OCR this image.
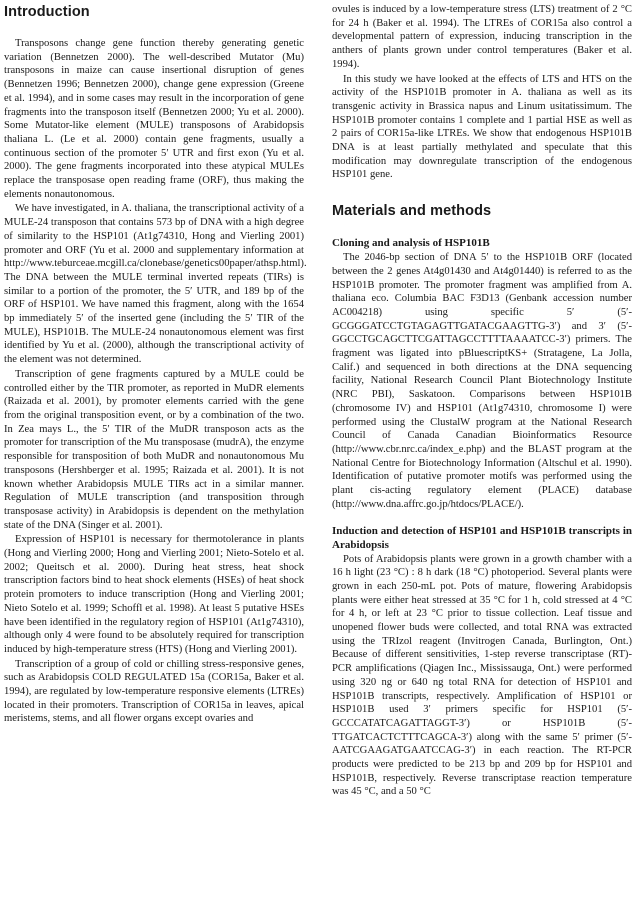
Introduction

Transposons change gene function thereby generating genetic variation (Bennetzen 2000). The well-described Mutator (Mu) transposons in maize can cause insertional disruption of genes (Bennetzen 1996; Bennetzen 2000), change gene expression (Greene et al. 1994), and in some cases may result in the incorporation of gene fragments into the transposon itself (Bennetzen 2000; Yu et al. 2000). Some Mutator-like element (MULE) transposons of Arabidopsis thaliana L. (Le et al. 2000) contain gene fragments, usually a continuous section of the promoter 5′ UTR and first exon (Yu et al. 2000). The gene fragments incorporated into these atypical MULEs replace the transposase open reading frame (ORF), thus making the elements nonautonomous.

We have investigated, in A. thaliana, the transcriptional activity of a MULE-24 transposon that contains 573 bp of DNA with a high degree of similarity to the HSP101 (At1g74310, Hong and Vierling 2001) promoter and ORF (Yu et al. 2000 and supplementary information at http://www.teburceae.mcgill.ca/clonebase/genetics00paper/athsp.html). The DNA between the MULE terminal inverted repeats (TIRs) is similar to a portion of the promoter, the 5′ UTR, and 189 bp of the ORF of HSP101. We have named this fragment, along with the 1654 bp immediately 5′ of the inserted gene (including the 5′ TIR of the MULE), HSP101B. The MULE-24 nonautonomous element was first identified by Yu et al. (2000), although the transcriptional activity of the element was not determined.

Transcription of gene fragments captured by a MULE could be controlled either by the TIR promoter, as reported in MuDR elements (Raizada et al. 2001), by promoter elements carried with the gene from the original transposition event, or by a combination of the two. In Zea mays L., the 5′ TIR of the MuDR transposon acts as the promoter for transcription of the Mu transposase (mudrA), the enzyme responsible for transposition of both MuDR and nonautonomous Mu transposons (Hershberger et al. 1995; Raizada et al. 2001). It is not known whether Arabidopsis MULE TIRs act in a similar manner. Regulation of MULE transcription (and transposition through transposase activity) in Arabidopsis is dependent on the methylation state of the DNA (Singer et al. 2001).

Expression of HSP101 is necessary for thermotolerance in plants (Hong and Vierling 2000; Hong and Vierling 2001; Nieto-Sotelo et al. 2002; Queitsch et al. 2000). During heat stress, heat shock transcription factors bind to heat shock elements (HSEs) of heat shock protein promoters to induce transcription (Hong and Vierling 2001; Nieto Sotelo et al. 1999; Schoffl et al. 1998). At least 5 putative HSEs have been identified in the regulatory region of HSP101 (At1g74310), although only 4 were found to be absolutely required for transcription induced by high-temperature stress (HTS) (Hong and Vierling 2001).

Transcription of a group of cold or chilling stress-responsive genes, such as Arabidopsis COLD REGULATED 15a (COR15a, Baker et al. 1994), are regulated by low-temperature responsive elements (LTREs) located in their promoters. Transcription of COR15a in leaves, apical meristems, stems, and all flower organs except ovaries and

ovules is induced by a low-temperature stress (LTS) treatment of 2 °C for 24 h (Baker et al. 1994). The LTREs of COR15a also control a developmental pattern of expression, inducing transcription in the anthers of plants grown under control temperatures (Baker et al. 1994).

In this study we have looked at the effects of LTS and HTS on the activity of the HSP101B promoter in A. thaliana as well as its transgenic activity in Brassica napus and Linum usitatissimum. The HSP101B promoter contains 1 complete and 1 partial HSE as well as 2 pairs of COR15a-like LTREs. We show that endogenous HSP101B DNA is at least partially methylated and speculate that this modification may downregulate transcription of the endogenous HSP101 gene.

Materials and methods
Cloning and analysis of HSP101B

The 2046-bp section of DNA 5′ to the HSP101B ORF (located between the 2 genes At4g01430 and At4g01440) is referred to as the HSP101B promoter. The promoter fragment was amplified from A. thaliana eco. Columbia BAC F3D13 (Genbank accession number AC004218) using specific 5′ (5′-GCGGGATCCTGTAGAGTTGATACGAAGTTG-3′) and 3′ (5′-GGCCTGCAGCTTCGATTAGCCTTTTAAAATCC-3′) primers. The fragment was ligated into pBluescriptKS+ (Stratagene, La Jolla, Calif.) and sequenced in both directions at the DNA sequencing facility, National Research Council Plant Biotechnology Institute (NRC PBI), Saskatoon. Comparisons between HSP101B (chromosome IV) and HSP101 (At1g74310, chromosome I) were performed using the ClustalW program at the National Research Council of Canada Canadian Bioinformatics Resource (http://www.cbr.nrc.ca/index_e.php) and the BLAST program at the National Centre for Biotechnology Information (Altschul et al. 1990). Identification of putative promoter motifs was performed using the plant cis-acting regulatory element (PLACE) database (http://www.dna.affrc.go.jp/htdocs/PLACE/).

Induction and detection of HSP101 and HSP101B transcripts in Arabidopsis

Pots of Arabidopsis plants were grown in a growth chamber with a 16 h light (23 °C) : 8 h dark (18 °C) photoperiod. Several plants were grown in each 250-mL pot. Pots of mature, flowering Arabidopsis plants were either heat stressed at 35 °C for 1 h, cold stressed at 4 °C for 4 h, or left at 23 °C prior to tissue collection. Leaf tissue and unopened flower buds were collected, and total RNA was extracted using the TRIzol reagent (Invitrogen Canada, Burlington, Ont.) Because of different sensitivities, 1-step reverse transcriptase (RT)-PCR amplifications (Qiagen Inc., Mississauga, Ont.) were performed using 320 ng or 640 ng total RNA for detection of HSP101 and HSP101B transcripts, respectively. Amplification of HSP101 or HSP101B used 3′ primers specific for HSP101 (5′-GCCCATATCAGATTAGGT-3′) or HSP101B (5′-TTGATCACTCTTTCAGCA-3′) along with the same 5′ primer (5′-AATCGAAGATGAATCCAG-3′) in each reaction. The RT-PCR products were predicted to be 213 bp and 209 bp for HSP101 and HSP101B, respectively. Reverse transcriptase reaction temperature was 45 °C, and a 50 °C
